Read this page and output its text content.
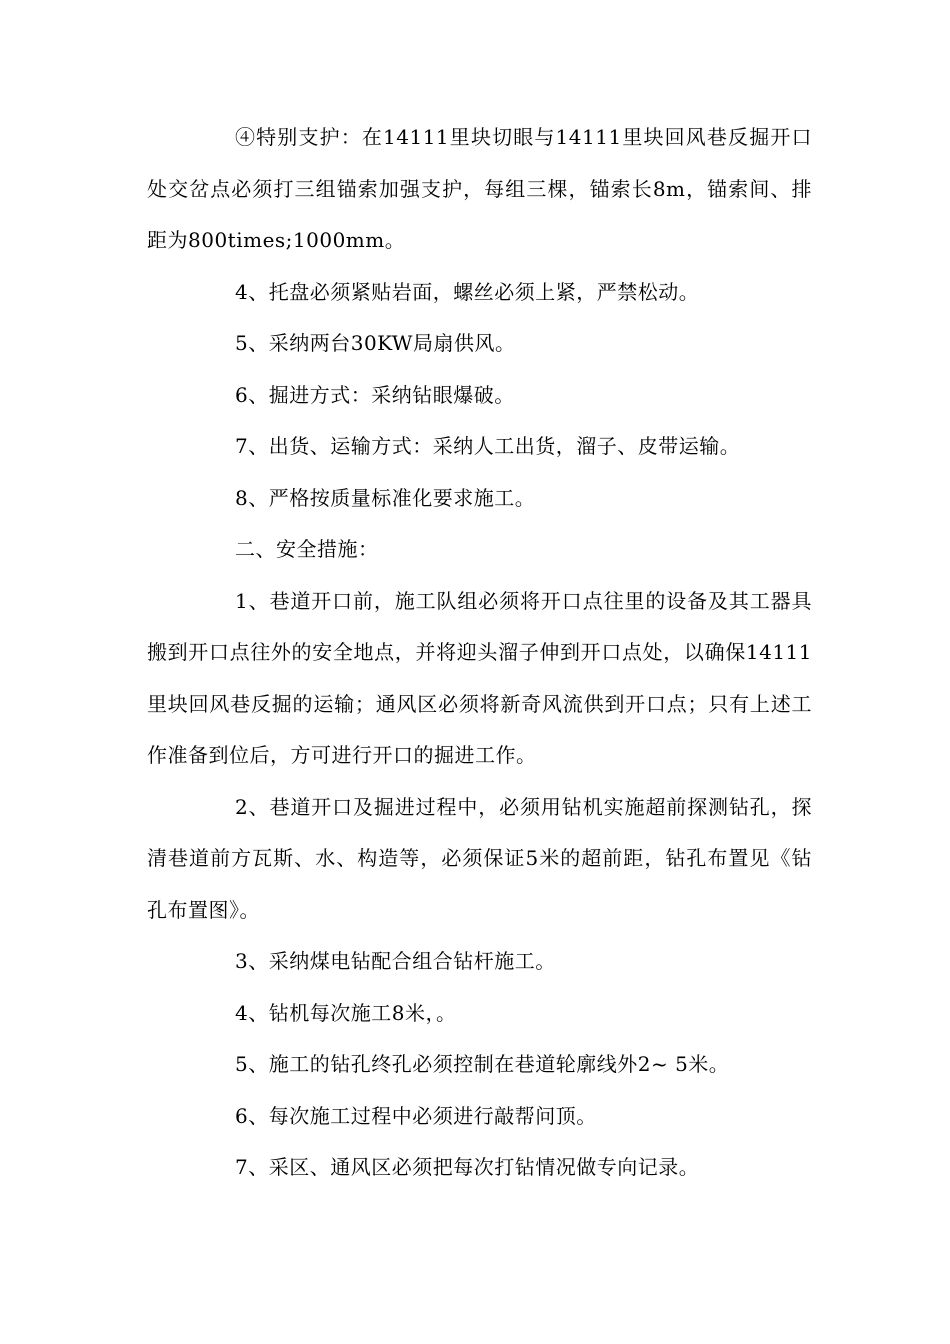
④特别支护：在14111里块切眼与14111里块回风巷反掘开口处交岔点必须打三组锚索加强支护，每组三棵，锚索长8m，锚索间、排距为800times;1000mm。

4、托盘必须紧贴岩面，螺丝必须上紧，严禁松动。

5、采纳两台30KW局扇供风。

6、掘进方式：采纳钻眼爆破。

7、出货、运输方式：采纳人工出货，溜子、皮带运输。

8、严格按质量标准化要求施工。

二、安全措施：

1、巷道开口前，施工队组必须将开口点往里的设备及其工器具搬到开口点往外的安全地点，并将迎头溜子伸到开口点处，以确保14111里块回风巷反掘的运输；通风区必须将新奇风流供到开口点；只有上述工作准备到位后，方可进行开口的掘进工作。

2、巷道开口及掘进过程中，必须用钻机实施超前探测钻孔，探清巷道前方瓦斯、水、构造等，必须保证5米的超前距，钻孔布置见《钻孔布置图》。

3、采纳煤电钻配合组合钻杆施工。

4、钻机每次施工8米，。

5、施工的钻孔终孔必须控制在巷道轮廓线外2~ 5米。

6、每次施工过程中必须进行敲帮问顶。

7、采区、通风区必须把每次打钻情况做专向记录。
